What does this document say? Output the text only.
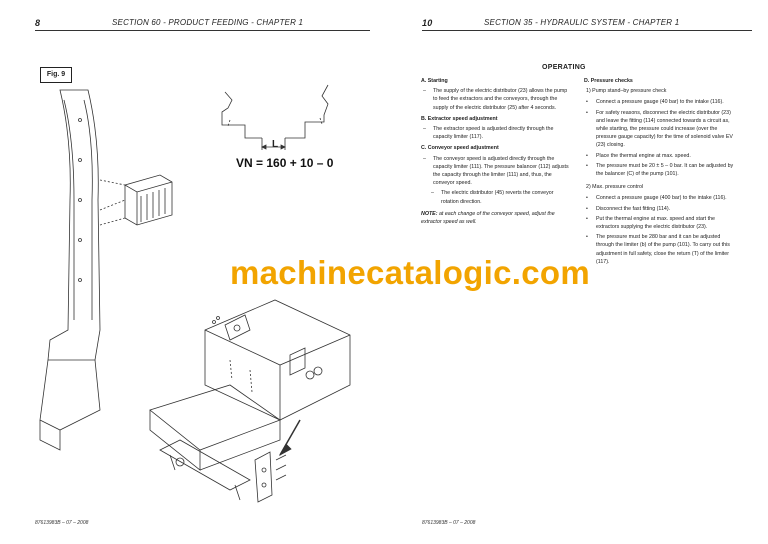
8	SECTION 60 - PRODUCT FEEDING - CHAPTER 1
Fig. 9
L
VN = 160 + 10 – 0
87613983B – 07 – 2008
10	SECTION 35 - HYDRAULIC SYSTEM - CHAPTER 1
87613983B – 07 – 2008
OPERATING
A. Starting
– The supply of the electric distributor (23) allows the pump to feed the extractors and the conveyors, through the supply of the electric distributor (25) after 4 seconds.
B. Extractor speed adjustment
– The extractor speed is adjusted directly through the capacity limiter (117).
C. Conveyor speed adjustment
– The conveyor speed is adjusted directly through the capacity limiter (111). The pressure balancer (112) adjusts the capacity through the limiter (111) and, thus, the conveyor speed.
– The electric distributor (45) reverts the conveyor rotation direction.
NOTE: at each change of the conveyor speed, adjust the extractor speed as well.
D. Pressure checks
1) Pump stand–by pressure check
• Connect a pressure gauge (40 bar) to the intake (116).
• For safety reasons, disconnect the electric distributor (23) and leave the fitting (114) connected towards a circuit as, while starting, the pressure could increase (over the pressure gauge capacity) for the time of solenoid valve EV (23) closing.
• Place the thermal engine at max. speed.
• The pressure must be 20 ± 5 – 0 bar. It can be adjusted by the balancer (C) of the pump (101).
2) Max. pressure control
• Connect a pressure gauge (400 bar) to the intake (116).
• Disconnect the fast fitting (114).
• Put the thermal engine at max. speed and start the extractors supplying the electric distributor (23).
• The pressure must be 280 bar and it can be adjusted through the limiter (b) of the pump (101). To carry out this adjustment in full safety, close the return (T) of the limiter (117).
machinecatalogic.com
